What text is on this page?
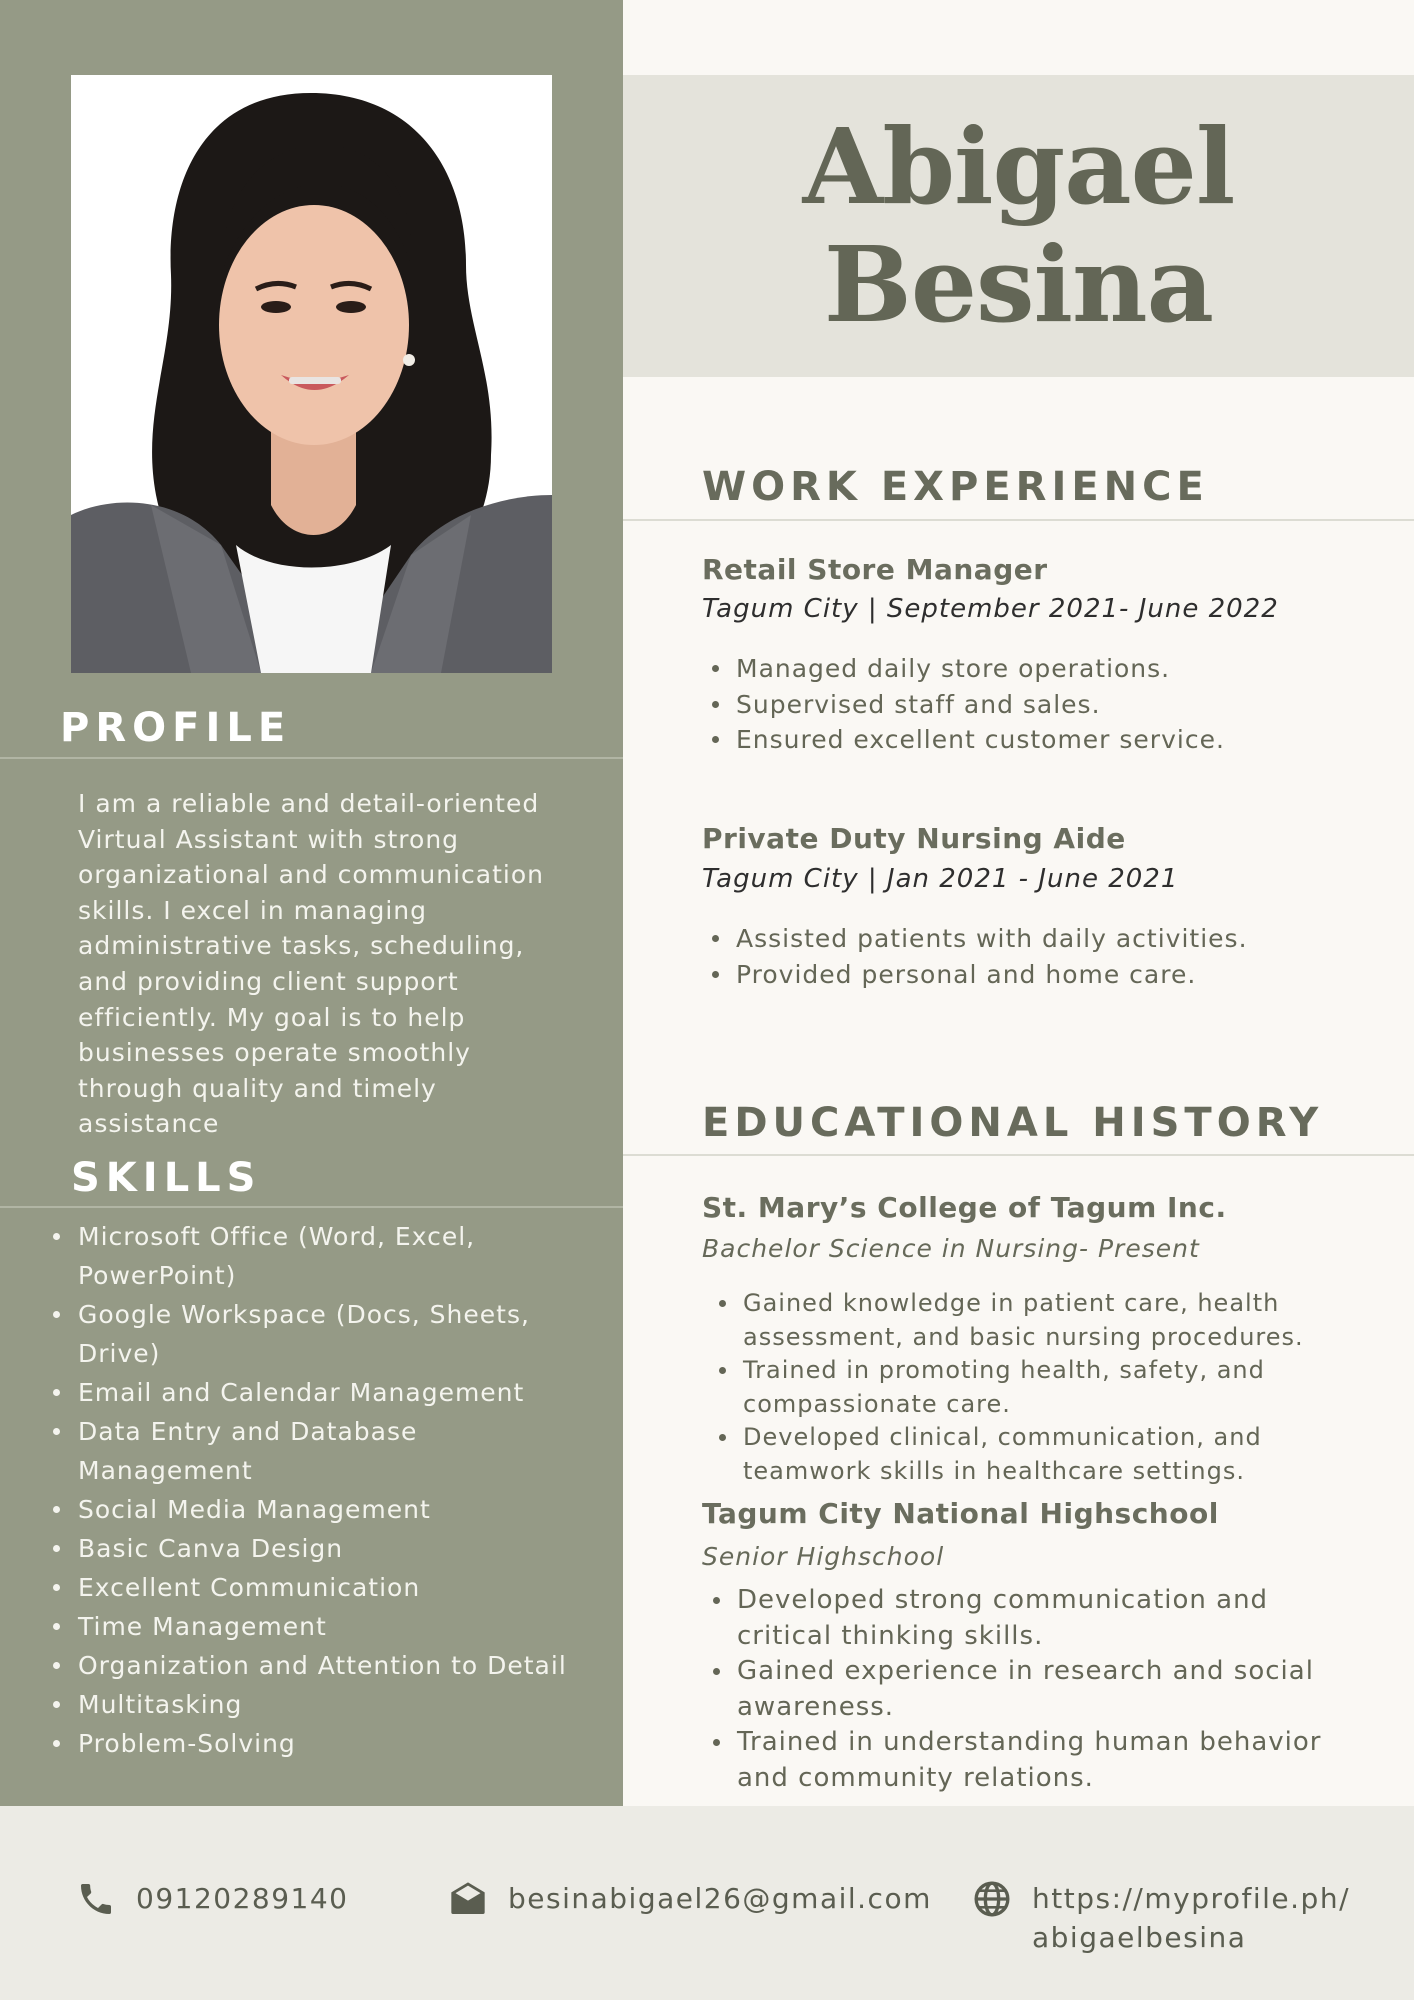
PROFILE

I am a reliable and detail-oriented Virtual Assistant with strong organizational and communication skills. I excel in managing administrative tasks, scheduling, and providing client support efficiently. My goal is to help businesses operate smoothly through quality and timely assistance

SKILLS
Microsoft Office (Word, Excel, PowerPoint)
Google Workspace (Docs, Sheets, Drive)
Email and Calendar Management
Data Entry and Database Management
Social Media Management
Basic Canva Design
Excellent Communication
Time Management
Organization and Attention to Detail
Multitasking
Problem-Solving
Abigael
Besina
WORK EXPERIENCE
Retail Store Manager
Tagum City | September 2021- June 2022
Managed daily store operations.
Supervised staff and sales.
Ensured excellent customer service.
Private Duty Nursing Aide
Tagum City | Jan 2021 - June 2021
Assisted patients with daily activities.
Provided personal and home care.
EDUCATIONAL HISTORY
St. Mary’s College of Tagum Inc.
Bachelor Science in Nursing- Present
Gained knowledge in patient care, health assessment, and basic nursing procedures.
Trained in promoting health, safety, and compassionate care.
Developed clinical, communication, and teamwork skills in healthcare settings.
Tagum City National Highschool
Senior Highschool
Developed strong communication and critical thinking skills.
Gained experience in research and social awareness.
Trained in understanding human behavior and community relations.
09120289140	besinabigael26@gmail.com	https://myprofile.ph/
abigaelbesina
